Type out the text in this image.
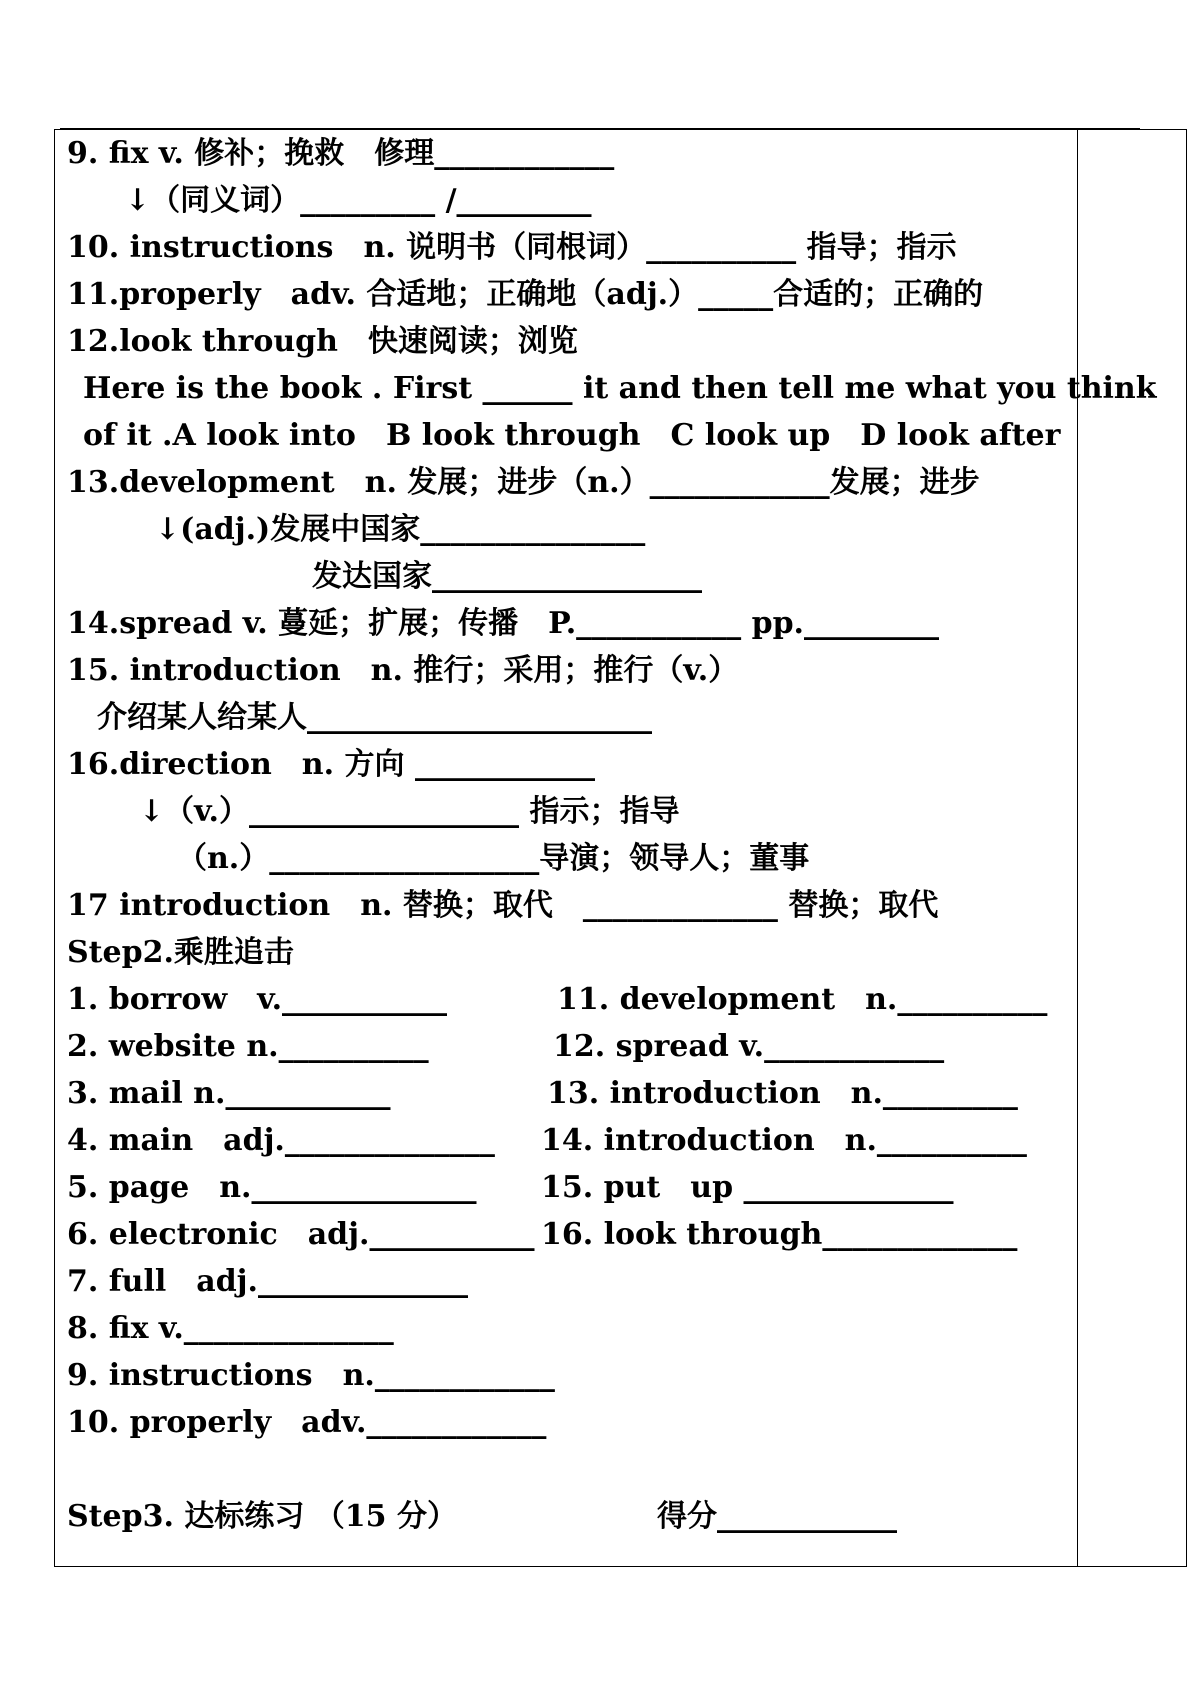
9. fix v. 修补；挽救　修理____________
↓（同义词）_________ /_________
10. instructions　n. 说明书（同根词）__________ 指导；指示
11.properly　adv. 合适地；正确地（adj.）_____合适的；正确的
12.look through　快速阅读；浏览
Here is the book . First ______ it and then tell me what you think
of it .A look into　B look through　C look up　D look after
13.development　n. 发展；进步（n.）____________发展；进步
↓(adj.)发展中国家_______________
发达国家__________________
14.spread v. 蔓延；扩展；传播　P.___________ pp._________
15. introduction　n. 推行；采用；推行（v.）
介绍某人给某人_______________________
16.direction　n. 方向 ____________
↓（v.）__________________ 指示；指导
（n.）__________________导演；领导人；董事
17 introduction　n. 替换；取代　_____________ 替换；取代
Step2.乘胜追击
1. borrow　v.___________	11. development　n.__________
2. website n.__________	12. spread v.____________
3. mail n.___________	13. introduction　n._________
4. main　adj.______________ 14. introduction　n.__________
5. page　n._______________ 15. put　up ______________
6. electronic　adj.___________ 16. look through_____________
7. full　adj.______________
8. fix v.______________
9. instructions　n.____________
10. properly　adv.____________
Step3. 达标练习 （15 分）	得分____________
